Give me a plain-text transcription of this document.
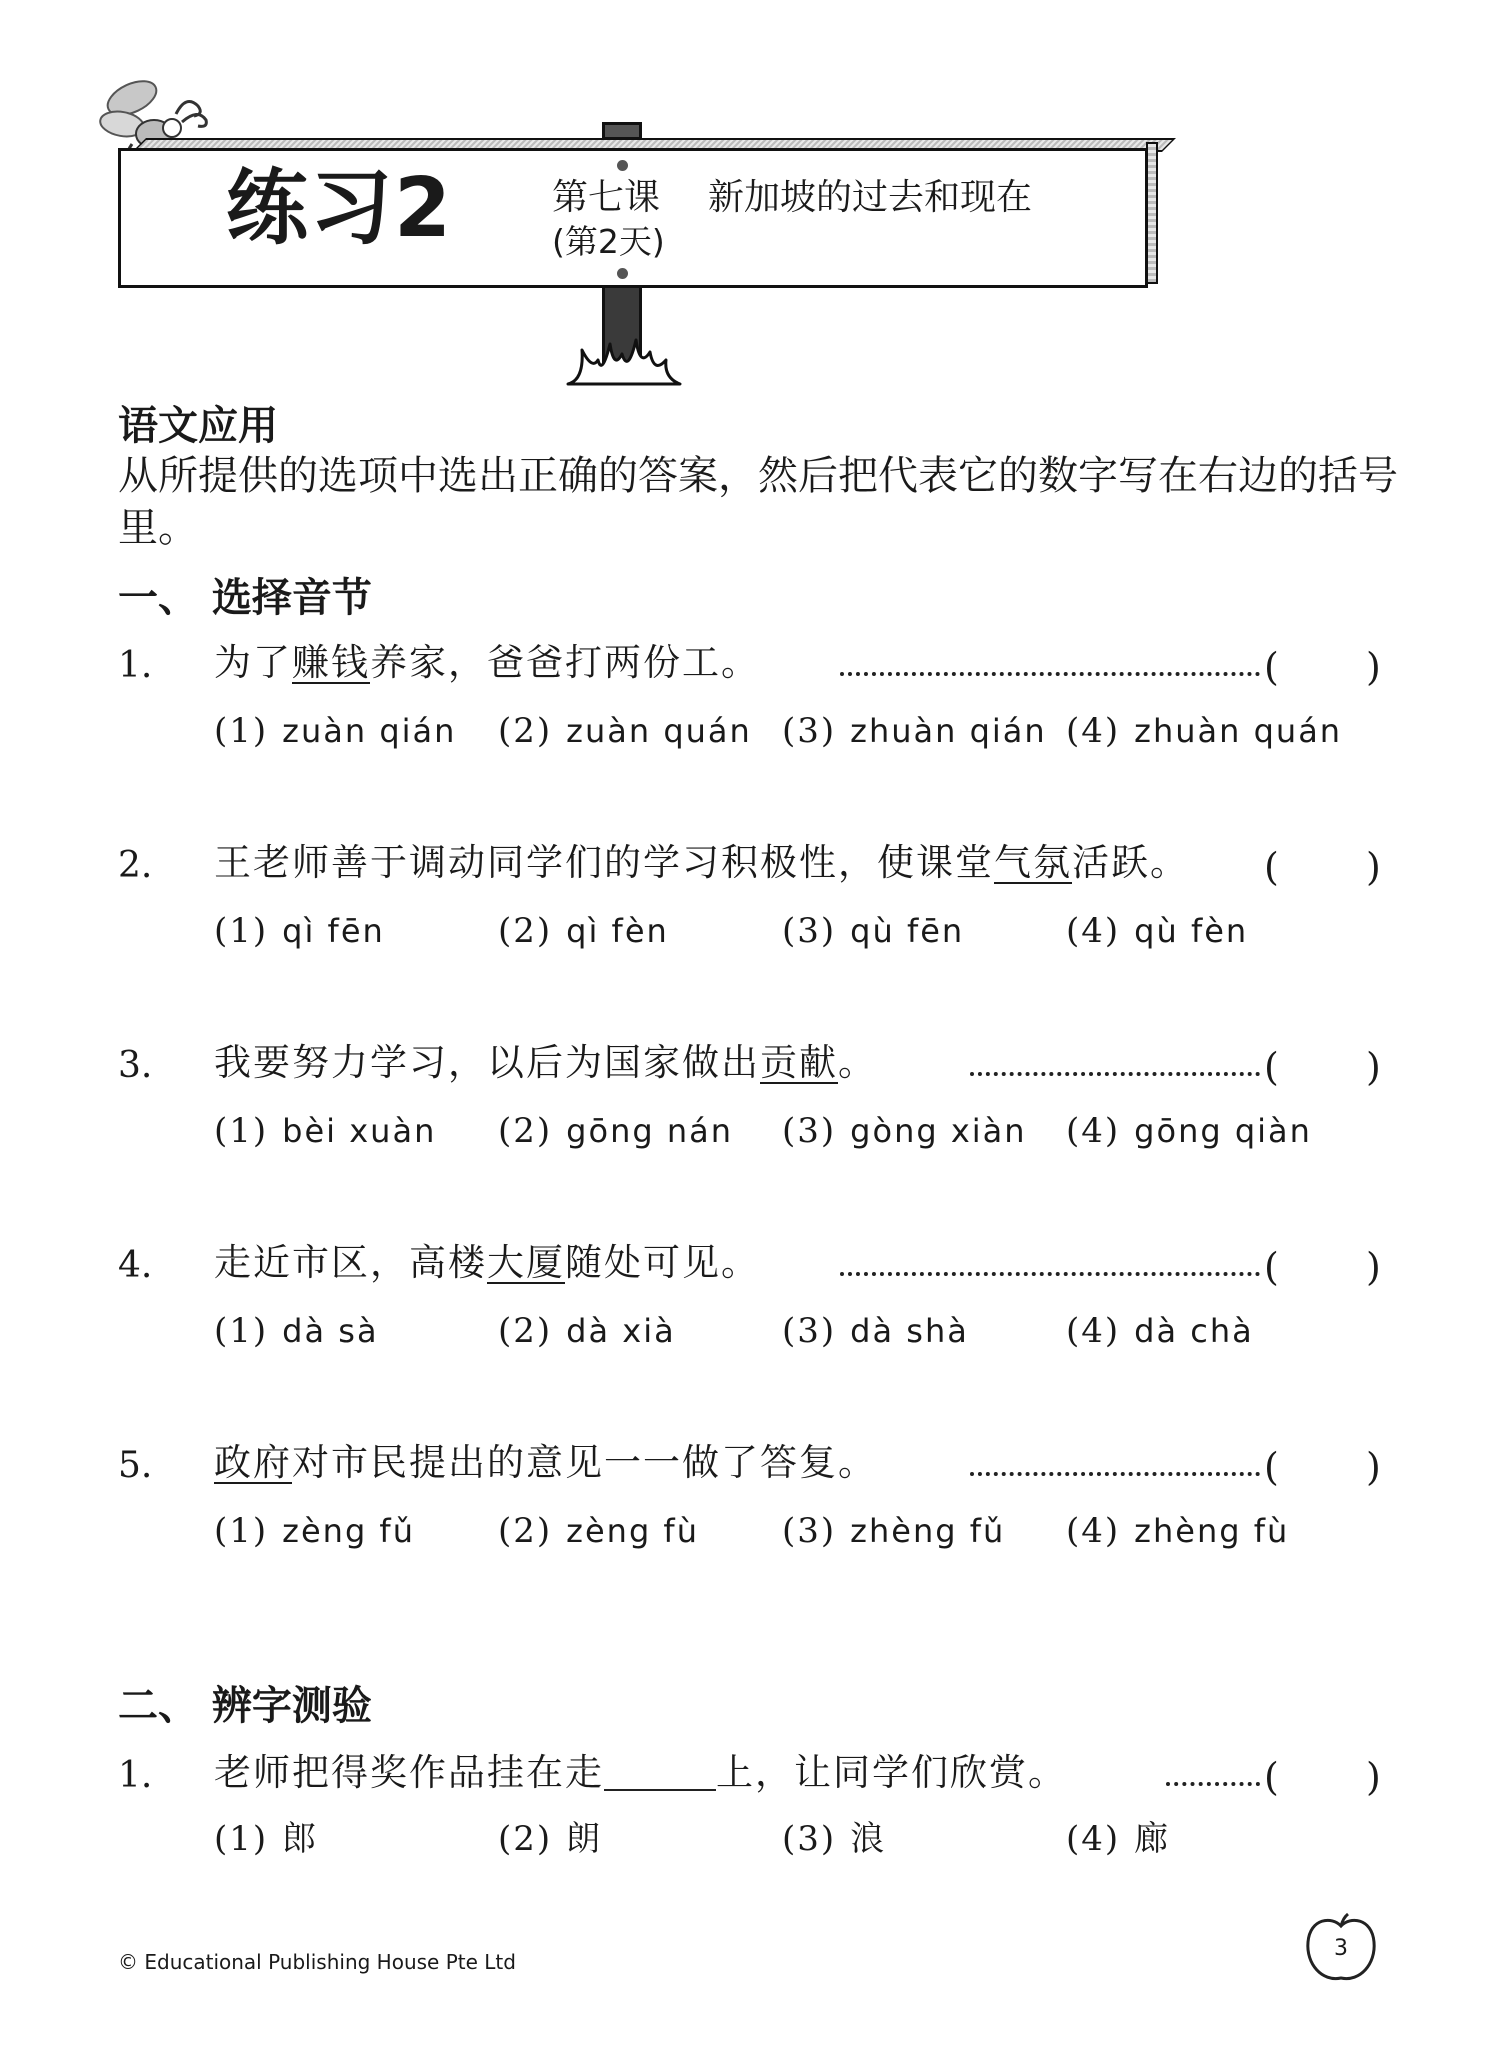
练习2	第七课 新加坡的过去和现在
(第2天)
语文应用
从所提供的选项中选出正确的答案，然后把代表它的数字写在右边的括号里。
一、 选择音节
1. 为了赚钱养家，爸爸打两份工。	( )
(1) zuàn qián (2) zuàn quán (3) zhuàn qián (4) zhuàn quán
2. 王老师善于调动同学们的学习积极性，使课堂气氛活跃。 ( )
(1) qì fēn	(2) qì fèn	(3) qù fēn	(4) qù fèn
3. 我要努力学习，以后为国家做出贡献。	( )
(1) bèi xuàn (2) gōng nán (3) gòng xiàn (4) gōng qiàn
4. 走近市区，高楼大厦随处可见。	( )
(1) dà sà	(2) dà xià	(3) dà shà	(4) dà chà
5. 政府对市民提出的意见一一做了答复。	( )
(1) zèng fǔ (2) zèng fù (3) zhèng fǔ (4) zhèng fù
二、 辨字测验
1. 老师把得奖作品挂在走	上，让同学们欣赏。	( )
(1) 郎	(2) 朗	(3) 浪	(4) 廊
© Educational Publishing House Pte Ltd
3
